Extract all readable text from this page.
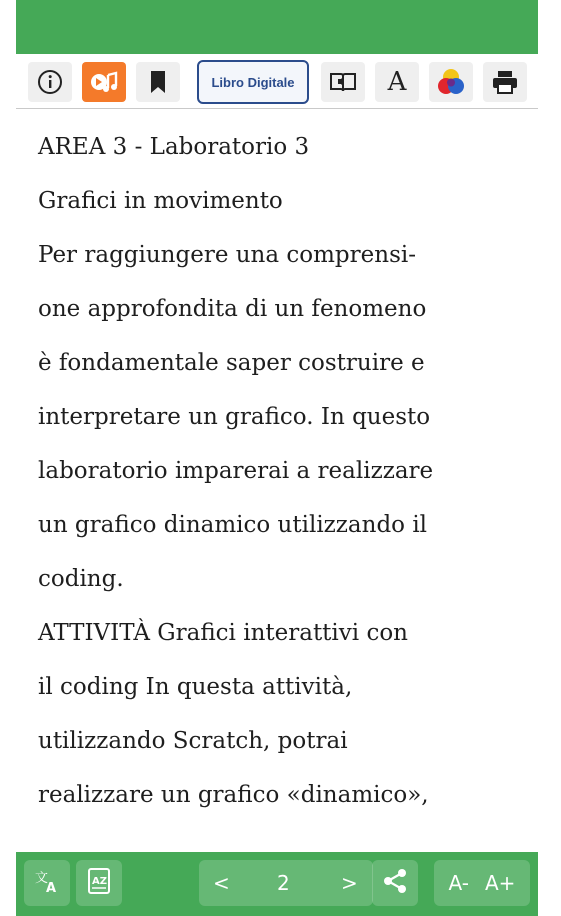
Libro Digitale	A
AREA 3 - Laboratorio 3
Grafici in movimento
Per raggiungere una comprensi-
one approfondita di un fenomeno
è fondamentale saper costruire e
interpretare un grafico. In questo
laboratorio imparerai a realizzare
un grafico dinamico utilizzando il
coding.
ATTIVITÀ Grafici interattivi con
il coding In questa attività,
utilizzando Scratch, potrai
realizzare un grafico «dinamico»,
文
A	AZ	< 2	>	A- A+
